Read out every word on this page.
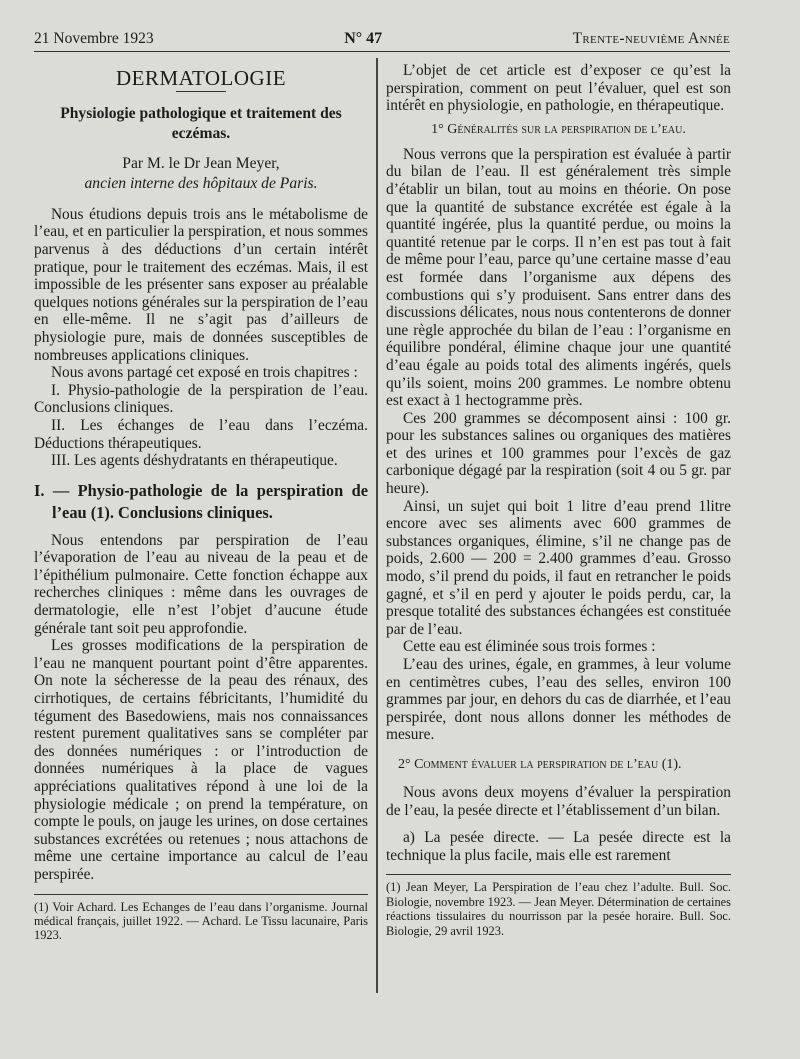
21 Novembre 1923	N° 47	Trente-neuvième Année
DERMATOLOGIE
Physiologie pathologique et traitement des eczémas.
Par M. le Dr Jean Meyer,
ancien interne des hôpitaux de Paris.

Nous étudions depuis trois ans le métabolisme de l’eau, et en particulier la perspiration, et nous sommes parvenus à des déductions d’un certain intérêt pratique, pour le traitement des eczémas. Mais, il est impossible de les présenter sans exposer au préalable quelques notions générales sur la perspiration de l’eau en elle-même. Il ne s’agit pas d’ailleurs de physiologie pure, mais de données susceptibles de nombreuses applications cliniques.

Nous avons partagé cet exposé en trois chapitres :

I. Physio-pathologie de la perspiration de l’eau. Conclusions cliniques.

II. Les échanges de l’eau dans l’eczéma. Déductions thérapeutiques.

III. Les agents déshydratants en thérapeutique.

I. — Physio-pathologie de la perspiration de l’eau (1). Conclusions cliniques.

Nous entendons par perspiration de l’eau l’évaporation de l’eau au niveau de la peau et de l’épithélium pulmonaire. Cette fonction échappe aux recherches cliniques : même dans les ouvrages de dermatologie, elle n’est l’objet d’aucune étude générale tant soit peu approfondie.

Les grosses modifications de la perspiration de l’eau ne manquent pourtant point d’être apparentes. On note la sécheresse de la peau des rénaux, des cirrhotiques, de certains fébricitants, l’humidité du tégument des Basedowiens, mais nos connaissances restent purement qualitatives sans se compléter par des données numériques : or l’introduction de données numériques à la place de vagues appréciations qualitatives répond à une loi de la physiologie médicale ; on prend la température, on compte le pouls, on jauge les urines, on dose certaines substances excrétées ou retenues ; nous attachons de même une certaine importance au calcul de l’eau perspirée.

(1) Voir Achard. Les Echanges de l’eau dans l’organisme. Journal médical français, juillet 1922. — Achard. Le Tissu lacunaire, Paris 1923.

L’objet de cet article est d’exposer ce qu’est la perspiration, comment on peut l’évaluer, quel est son intérêt en physiologie, en pathologie, en thérapeutique.

1° Généralités sur la perspiration de l’eau.

Nous verrons que la perspiration est évaluée à partir du bilan de l’eau. Il est généralement très simple d’établir un bilan, tout au moins en théorie. On pose que la quantité de substance excrétée est égale à la quantité ingérée, plus la quantité perdue, ou moins la quantité retenue par le corps. Il n’en est pas tout à fait de même pour l’eau, parce qu’une certaine masse d’eau est formée dans l’organisme aux dépens des combustions qui s’y produisent. Sans entrer dans des discussions délicates, nous nous contenterons de donner une règle approchée du bilan de l’eau : l’organisme en équilibre pondéral, élimine chaque jour une quantité d’eau égale au poids total des aliments ingérés, quels qu’ils soient, moins 200 grammes. Le nombre obtenu est exact à 1 hectogramme près.

Ces 200 grammes se décomposent ainsi : 100 gr. pour les substances salines ou organiques des matières et des urines et 100 grammes pour l’excès de gaz carbonique dégagé par la respiration (soit 4 ou 5 gr. par heure).

Ainsi, un sujet qui boit 1 litre d’eau prend 1litre encore avec ses aliments avec 600 grammes de substances organiques, élimine, s’il ne change pas de poids, 2.600 — 200 = 2.400 grammes d’eau. Grosso modo, s’il prend du poids, il faut en retrancher le poids gagné, et s’il en perd y ajouter le poids perdu, car, la presque totalité des substances échangées est constituée par de l’eau.

Cette eau est éliminée sous trois formes :

L’eau des urines, égale, en grammes, à leur volume en centimètres cubes, l’eau des selles, environ 100 grammes par jour, en dehors du cas de diarrhée, et l’eau perspirée, dont nous allons donner les méthodes de mesure.

2° Comment évaluer la perspiration de l’eau (1).

Nous avons deux moyens d’évaluer la perspiration de l’eau, la pesée directe et l’établissement d’un bilan.

a) La pesée directe. — La pesée directe est la technique la plus facile, mais elle est rarement

(1) Jean Meyer, La Perspiration de l’eau chez l’adulte. Bull. Soc. Biologie, novembre 1923. — Jean Meyer. Détermination de certaines réactions tissulaires du nourrisson par la pesée horaire. Bull. Soc. Biologie, 29 avril 1923.
